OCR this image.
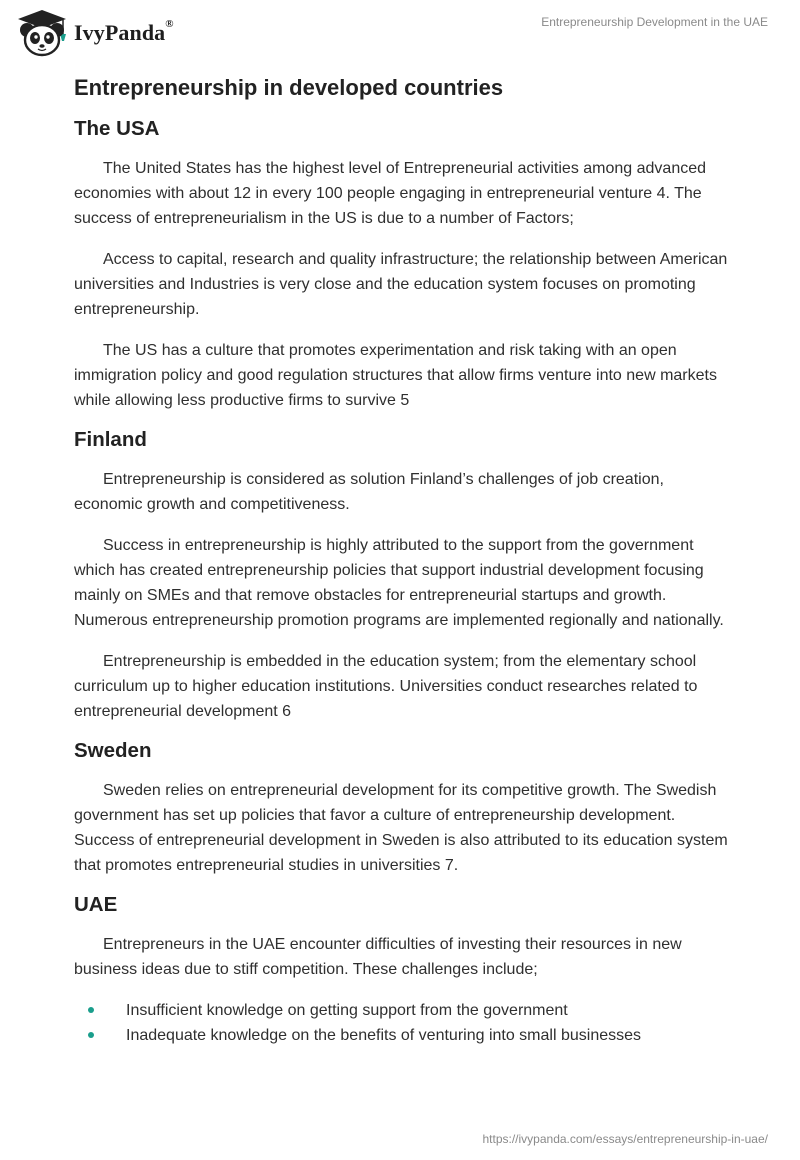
IvyPanda®	Entrepreneurship Development in the UAE
Entrepreneurship in developed countries
The USA

The United States has the highest level of Entrepreneurial activities among advanced economies with about 12 in every 100 people engaging in entrepreneurial venture 4. The success of entrepreneurialism in the US is due to a number of Factors;

Access to capital, research and quality infrastructure; the relationship between American universities and Industries is very close and the education system focuses on promoting entrepreneurship.

The US has a culture that promotes experimentation and risk taking with an open immigration policy and good regulation structures that allow firms venture into new markets while allowing less productive firms to survive 5

Finland

Entrepreneurship is considered as solution Finland’s challenges of job creation, economic growth and competitiveness.

Success in entrepreneurship is highly attributed to the support from the government which has created entrepreneurship policies that support industrial development focusing mainly on SMEs and that remove obstacles for entrepreneurial startups and growth. Numerous entrepreneurship promotion programs are implemented regionally and nationally.

Entrepreneurship is embedded in the education system; from the elementary school curriculum up to higher education institutions. Universities conduct researches related to entrepreneurial development 6

Sweden

Sweden relies on entrepreneurial development for its competitive growth. The Swedish government has set up policies that favor a culture of entrepreneurship development. Success of entrepreneurial development in Sweden is also attributed to its education system that promotes entrepreneurial studies in universities 7.

UAE

Entrepreneurs in the UAE encounter difficulties of investing their resources in new business ideas due to stiff competition. These challenges include;

Insufficient knowledge on getting support from the government
Inadequate knowledge on the benefits of venturing into small businesses
https://ivypanda.com/essays/entrepreneurship-in-uae/
